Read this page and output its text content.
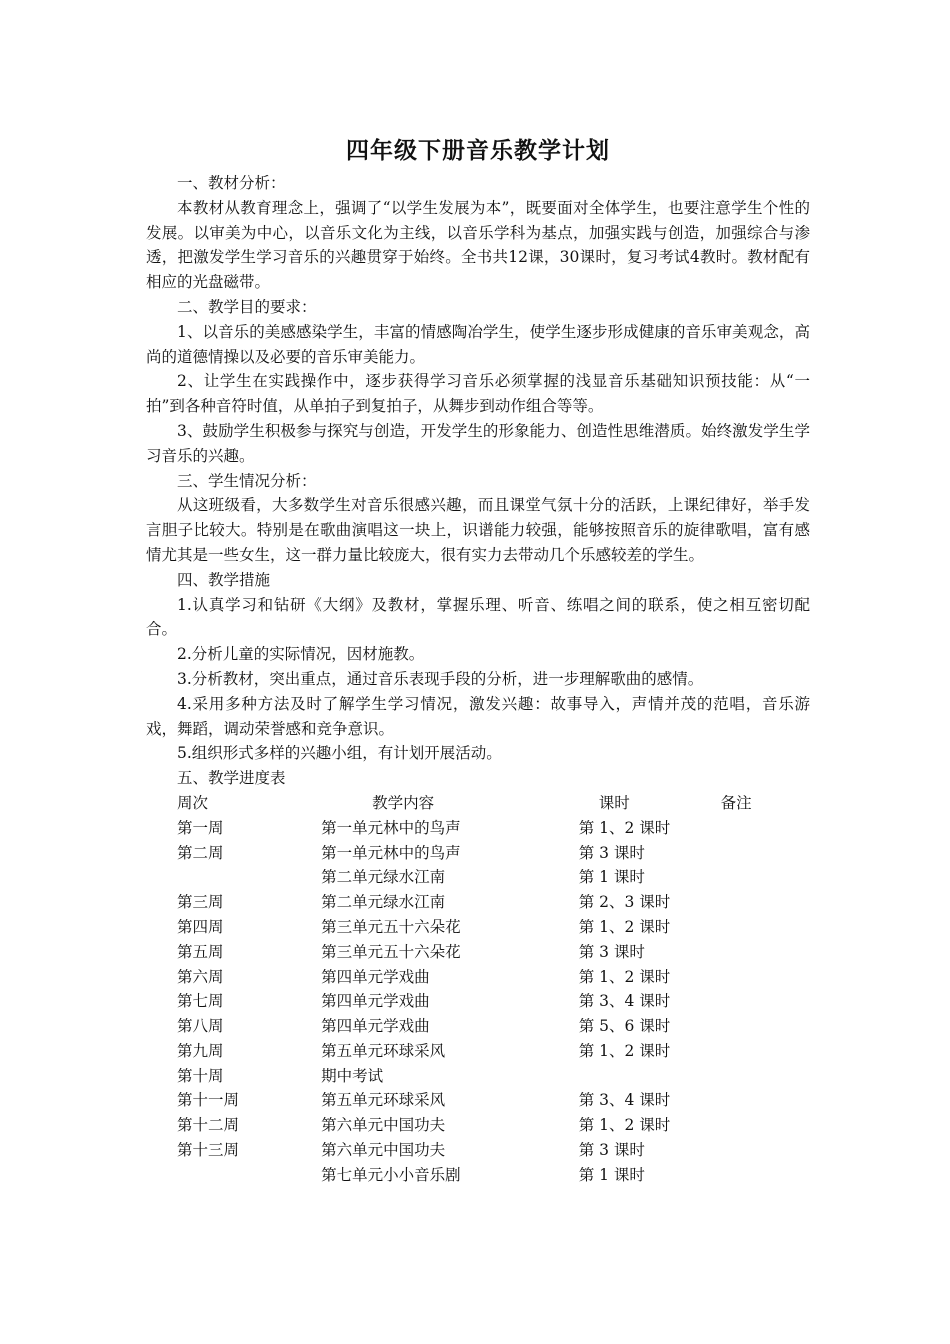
四年级下册音乐教学计划

一、教材分析：

本教材从教育理念上，强调了“以学生发展为本”，既要面对全体学生，也要注意学生个性的发展。以审美为中心，以音乐文化为主线，以音乐学科为基点，加强实践与创造，加强综合与渗透，把激发学生学习音乐的兴趣贯穿于始终。全书共12课，30课时，复习考试4教时。教材配有相应的光盘磁带。

二、教学目的要求：

1、以音乐的美感感染学生，丰富的情感陶冶学生，使学生逐步形成健康的音乐审美观念，高尚的道德情操以及必要的音乐审美能力。

2、让学生在实践操作中，逐步获得学习音乐必须掌握的浅显音乐基础知识预技能：从“一拍”到各种音符时值，从单拍子到复拍子，从舞步到动作组合等等。

3、鼓励学生积极参与探究与创造，开发学生的形象能力、创造性思维潜质。始终激发学生学习音乐的兴趣。

三、学生情况分析：

从这班级看，大多数学生对音乐很感兴趣，而且课堂气氛十分的活跃，上课纪律好，举手发言胆子比较大。特别是在歌曲演唱这一块上，识谱能力较强，能够按照音乐的旋律歌唱，富有感情尤其是一些女生，这一群力量比较庞大，很有实力去带动几个乐感较差的学生。

四、教学措施

1.认真学习和钻研《大纲》及教材，掌握乐理、听音、练唱之间的联系，使之相互密切配合。

2.分析儿童的实际情况，因材施教。

3.分析教材，突出重点，通过音乐表现手段的分析，进一步理解歌曲的感情。

4.采用多种方法及时了解学生学习情况，激发兴趣：故事导入，声情并茂的范唱，音乐游戏，舞蹈，调动荣誉感和竞争意识。

5.组织形式多样的兴趣小组，有计划开展活动。

五、教学进度表

周次	教学内容	课时	备注
第一周	第一单元林中的鸟声	第 1、2 课时	
第二周	第一单元林中的鸟声	第 3 课时	
	第二单元绿水江南	第 1 课时	
第三周	第二单元绿水江南	第 2、3 课时	
第四周	第三单元五十六朵花	第 1、2 课时	
第五周	第三单元五十六朵花	第 3 课时	
第六周	第四单元学戏曲	第 1、2 课时	
第七周	第四单元学戏曲	第 3、4 课时	
第八周	第四单元学戏曲	第 5、6 课时	
第九周	第五单元环球采风	第 1、2 课时	
第十周	期中考试		
第十一周	第五单元环球采风	第 3、4 课时	
第十二周	第六单元中国功夫	第 1、2 课时	
第十三周	第六单元中国功夫	第 3 课时	
	第七单元小小音乐剧	第 1 课时	
